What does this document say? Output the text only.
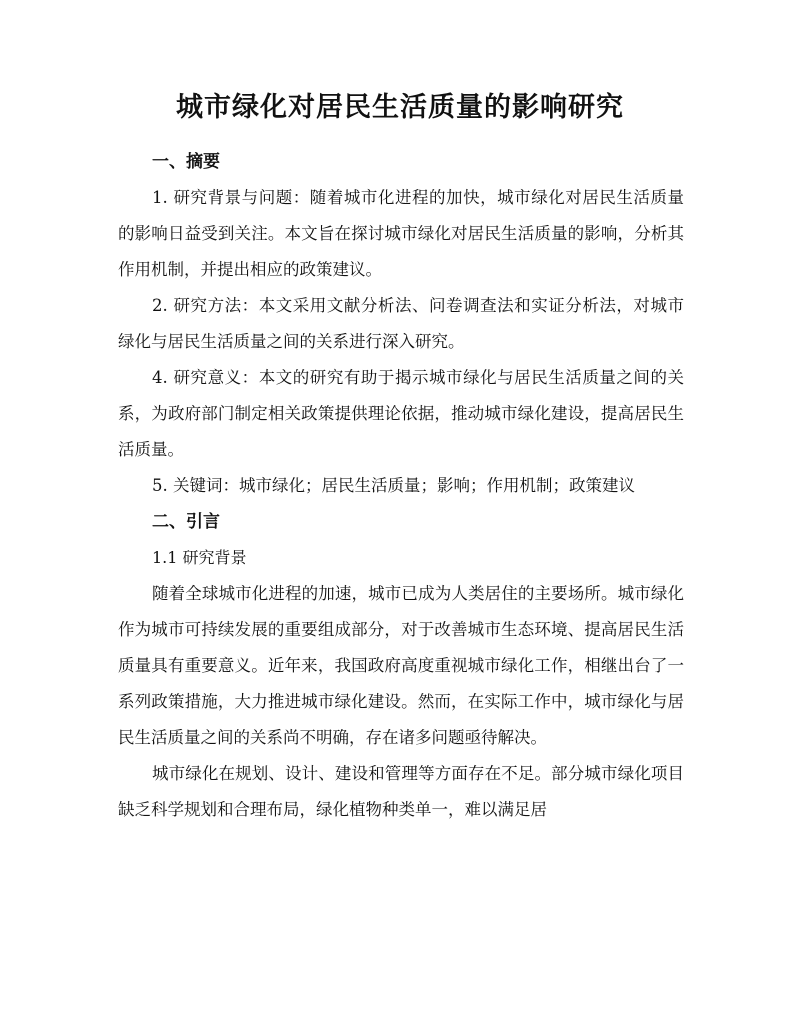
城市绿化对居民生活质量的影响研究

一、摘要

1. 研究背景与问题：随着城市化进程的加快，城市绿化对居民生活质量的影响日益受到关注。本文旨在探讨城市绿化对居民生活质量的影响，分析其作用机制，并提出相应的政策建议。

2. 研究方法：本文采用文献分析法、问卷调查法和实证分析法，对城市绿化与居民生活质量之间的关系进行深入研究。

4. 研究意义：本文的研究有助于揭示城市绿化与居民生活质量之间的关系，为政府部门制定相关政策提供理论依据，推动城市绿化建设，提高居民生活质量。

5. 关键词：城市绿化；居民生活质量；影响；作用机制；政策建议

二、引言

1.1 研究背景

随着全球城市化进程的加速，城市已成为人类居住的主要场所。城市绿化作为城市可持续发展的重要组成部分，对于改善城市生态环境、提高居民生活质量具有重要意义。近年来，我国政府高度重视城市绿化工作，相继出台了一系列政策措施，大力推进城市绿化建设。然而，在实际工作中，城市绿化与居民生活质量之间的关系尚不明确，存在诸多问题亟待解决。

城市绿化在规划、设计、建设和管理等方面存在不足。部分城市绿化项目缺乏科学规划和合理布局，绿化植物种类单一，难以满足居
